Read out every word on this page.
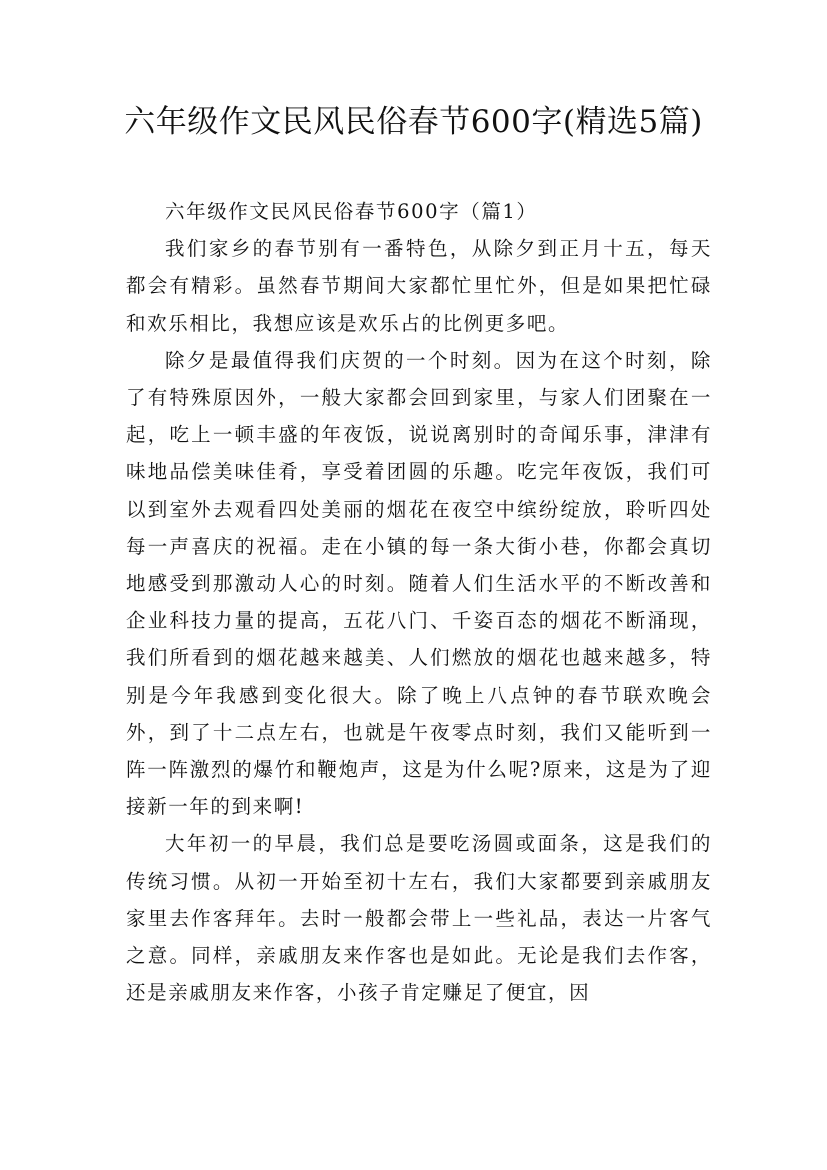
六年级作文民风民俗春节600字(精选5篇)

六年级作文民风民俗春节600字（篇1）

我们家乡的春节别有一番特色，从除夕到正月十五，每天都会有精彩。虽然春节期间大家都忙里忙外，但是如果把忙碌和欢乐相比，我想应该是欢乐占的比例更多吧。

除夕是最值得我们庆贺的一个时刻。因为在这个时刻，除了有特殊原因外，一般大家都会回到家里，与家人们团聚在一起，吃上一顿丰盛的年夜饭，说说离别时的奇闻乐事，津津有味地品偿美味佳肴，享受着团圆的乐趣。吃完年夜饭，我们可以到室外去观看四处美丽的烟花在夜空中缤纷绽放，聆听四处每一声喜庆的祝福。走在小镇的每一条大街小巷，你都会真切地感受到那激动人心的时刻。随着人们生活水平的不断改善和企业科技力量的提高，五花八门、千姿百态的烟花不断涌现，我们所看到的烟花越来越美、人们燃放的烟花也越来越多，特别是今年我感到变化很大。除了晚上八点钟的春节联欢晚会外，到了十二点左右，也就是午夜零点时刻，我们又能听到一阵一阵激烈的爆竹和鞭炮声，这是为什么呢?原来，这是为了迎接新一年的到来啊!

大年初一的早晨，我们总是要吃汤圆或面条，这是我们的传统习惯。从初一开始至初十左右，我们大家都要到亲戚朋友家里去作客拜年。去时一般都会带上一些礼品，表达一片客气之意。同样，亲戚朋友来作客也是如此。无论是我们去作客，还是亲戚朋友来作客，小孩子肯定赚足了便宜，因
